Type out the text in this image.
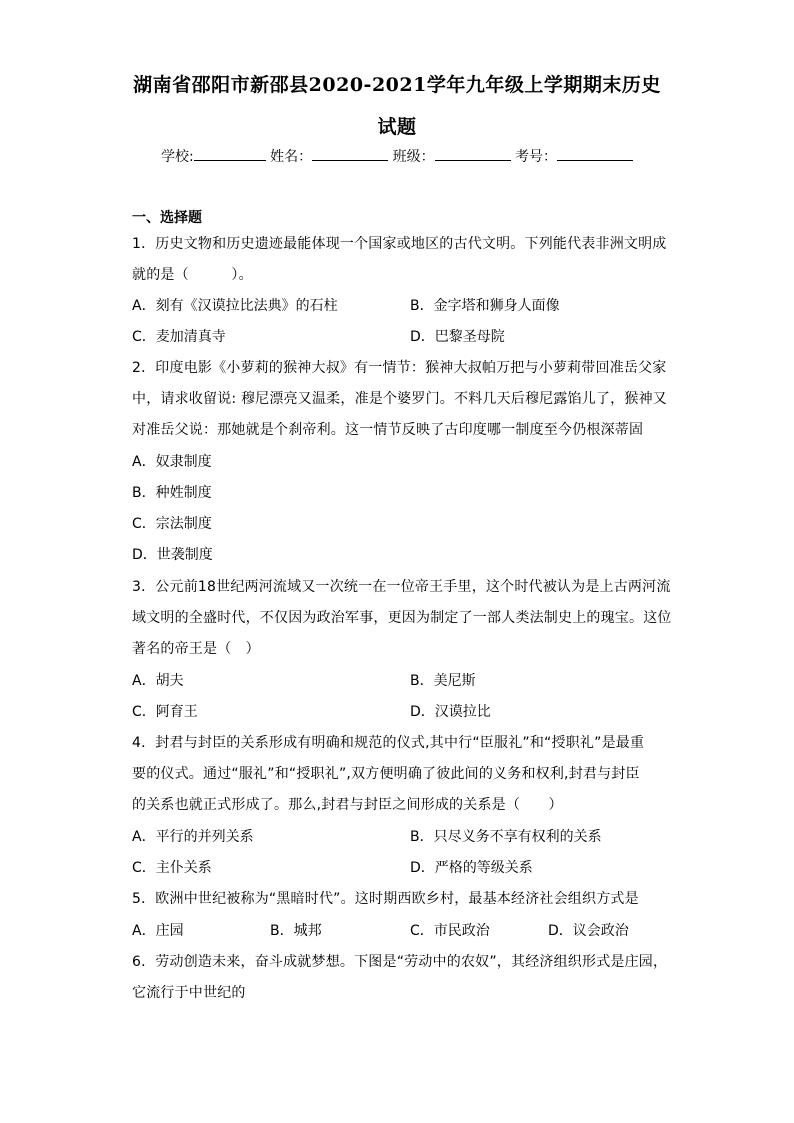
湖南省邵阳市新邵县2020-2021学年九年级上学期期末历史
试题
学校:	姓名：	班级：	考号：
一、选择题
1．历史文物和历史遗迹最能体现一个国家或地区的古代文明。下列能代表非洲文明成
就的是（　　　）。
A．刻有《汉谟拉比法典》的石柱	B．金字塔和狮身人面像
C．麦加清真寺	D．巴黎圣母院
2．印度电影《小萝莉的猴神大叔》有一情节：猴神大叔帕万把与小萝莉带回准岳父家
中，请求收留说: 穆尼漂亮又温柔，准是个婆罗门。不料几天后穆尼露馅儿了，猴神又
对准岳父说：那她就是个刹帝利。这一情节反映了古印度哪一制度至今仍根深蒂固
A．奴隶制度
B．种姓制度
C．宗法制度
D．世袭制度
3．公元前18世纪两河流域又一次统一在一位帝王手里，这个时代被认为是上古两河流
域文明的全盛时代，不仅因为政治军事，更因为制定了一部人类法制史上的瑰宝。这位
著名的帝王是（　）
A．胡夫	B．美尼斯
C．阿育王	D．汉谟拉比
4．封君与封臣的关系形成有明确和规范的仪式,其中行“臣服礼”和“授职礼”是最重
要的仪式。通过“服礼”和“授职礼”,双方便明确了彼此间的义务和权利,封君与封臣
的关系也就正式形成了。那么,封君与封臣之间形成的关系是（　　）
A．平行的并列关系	B．只尽义务不享有权利的关系
C．主仆关系	D．严格的等级关系
5．欧洲中世纪被称为“黑暗时代”。这时期西欧乡村，最基本经济社会组织方式是
A．庄园	B．城邦	C．市民政治	D．议会政治
6．劳动创造未来，奋斗成就梦想。下图是“劳动中的农奴”，其经济组织形式是庄园，
它流行于中世纪的
